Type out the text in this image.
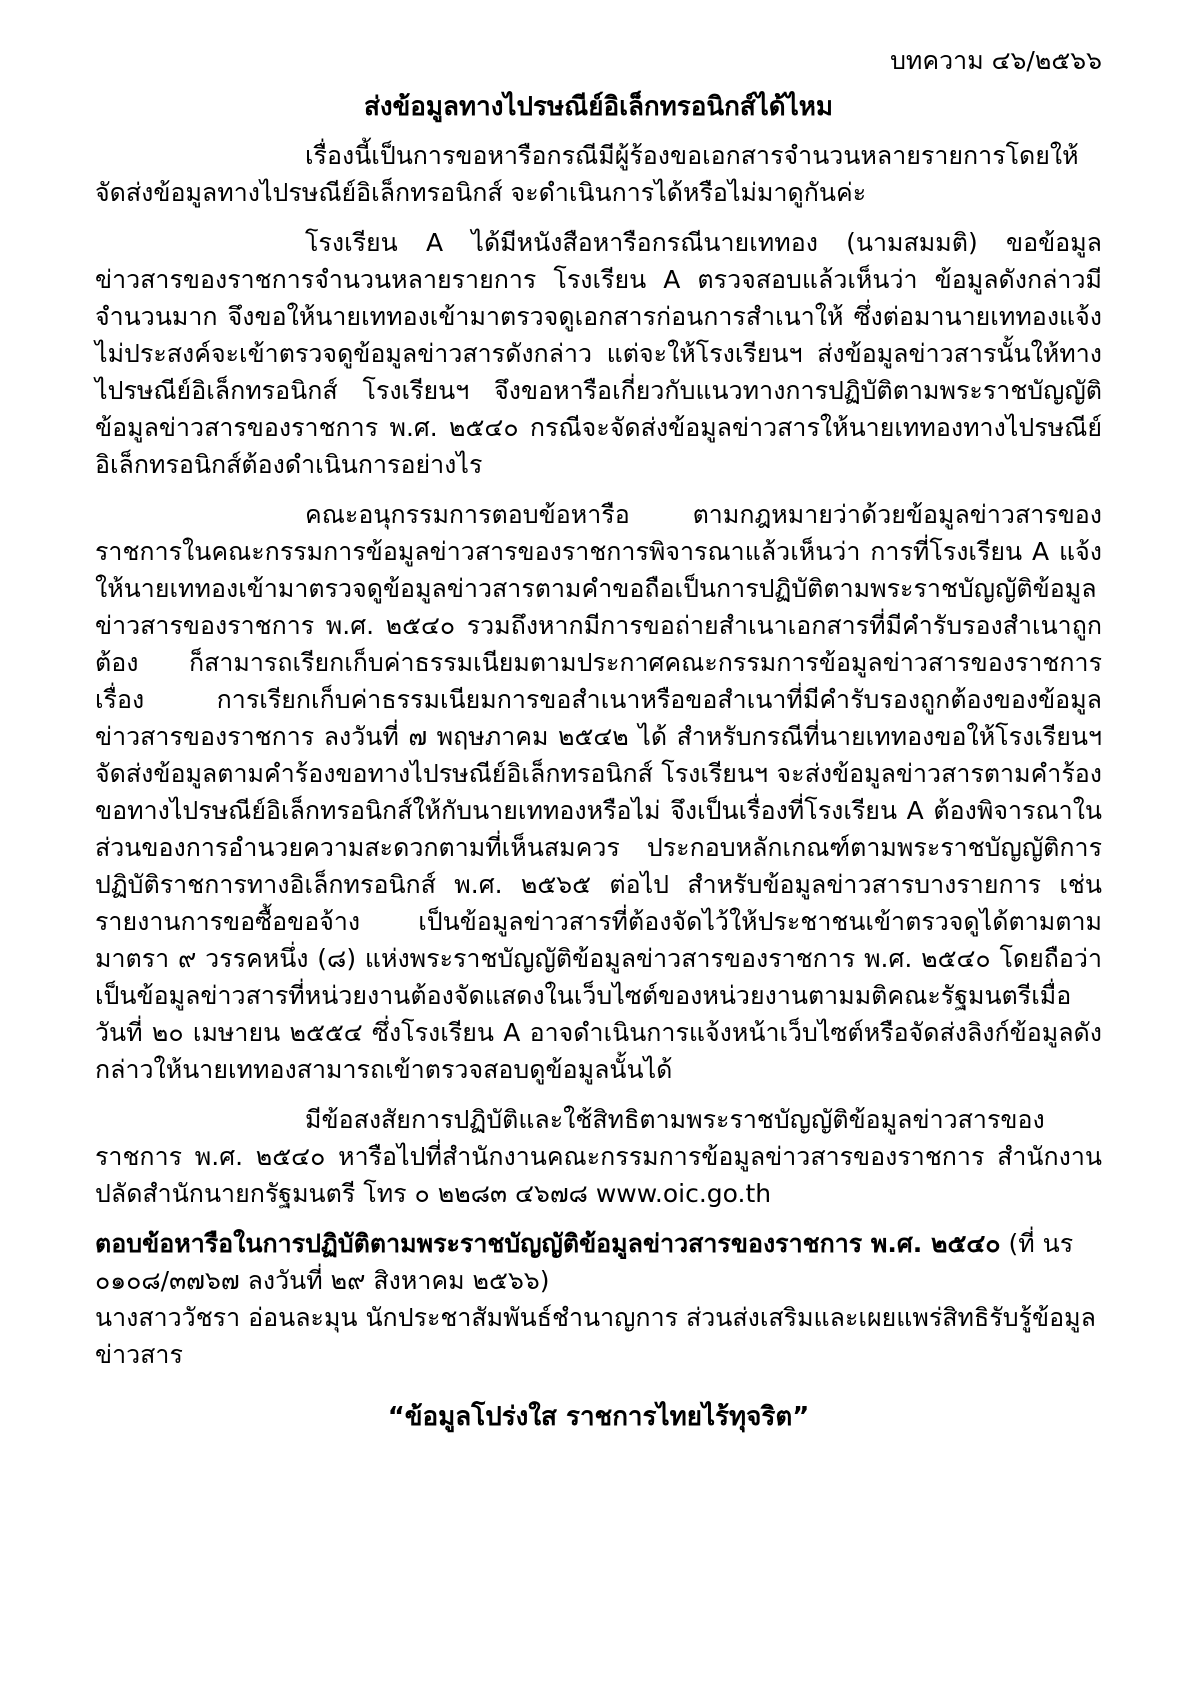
บทความ ๔๖/๒๕๖๖
ส่งข้อมูลทางไปรษณีย์อิเล็กทรอนิกส์ได้ไหม

เรื่องนี้เป็นการขอหารือกรณีมีผู้ร้องขอเอกสารจำนวนหลายรายการโดยให้จัดส่งข้อมูลทางไปรษณีย์อิเล็กทรอนิกส์ จะดำเนินการได้หรือไม่มาดูกันค่ะ

โรงเรียน A ได้มีหนังสือหารือกรณีนายเททอง (นามสมมติ) ขอข้อมูลข่าวสารของราชการจำนวนหลายรายการ โรงเรียน A ตรวจสอบแล้วเห็นว่า ข้อมูลดังกล่าวมีจำนวนมาก จึงขอให้นายเททองเข้ามาตรวจดูเอกสารก่อนการสำเนาให้ ซึ่งต่อมานายเททองแจ้งไม่ประสงค์จะเข้าตรวจดูข้อมูลข่าวสารดังกล่าว แต่จะให้โรงเรียนฯ ส่งข้อมูลข่าวสารนั้นให้ทางไปรษณีย์อิเล็กทรอนิกส์ โรงเรียนฯ จึงขอหารือเกี่ยวกับแนวทางการปฏิบัติตามพระราชบัญญัติข้อมูลข่าวสารของราชการ พ.ศ. ๒๕๔๐ กรณีจะจัดส่งข้อมูลข่าวสารให้นายเททองทางไปรษณีย์อิเล็กทรอนิกส์ต้องดำเนินการอย่างไร

คณะอนุกรรมการตอบข้อหารือ ตามกฎหมายว่าด้วยข้อมูลข่าวสารของราชการในคณะกรรมการข้อมูลข่าวสารของราชการพิจารณาแล้วเห็นว่า การที่โรงเรียน A แจ้งให้นายเททองเข้ามาตรวจดูข้อมูลข่าวสารตามคำขอถือเป็นการปฏิบัติตามพระราชบัญญัติข้อมูลข่าวสารของราชการ พ.ศ. ๒๕๔๐ รวมถึงหากมีการขอถ่ายสำเนาเอกสารที่มีคำรับรองสำเนาถูกต้อง ก็สามารถเรียกเก็บค่าธรรมเนียมตามประกาศคณะกรรมการข้อมูลข่าวสารของราชการ เรื่อง การเรียกเก็บค่าธรรมเนียมการขอสำเนาหรือขอสำเนาที่มีคำรับรองถูกต้องของข้อมูลข่าวสารของราชการ ลงวันที่ ๗ พฤษภาคม ๒๕๔๒ ได้ สำหรับกรณีที่นายเททองขอให้โรงเรียนฯ จัดส่งข้อมูลตามคำร้องขอทางไปรษณีย์อิเล็กทรอนิกส์ โรงเรียนฯ จะส่งข้อมูลข่าวสารตามคำร้องขอทางไปรษณีย์อิเล็กทรอนิกส์ให้กับนายเททองหรือไม่ จึงเป็นเรื่องที่โรงเรียน A ต้องพิจารณาในส่วนของการอำนวยความสะดวกตามที่เห็นสมควร ประกอบหลักเกณฑ์ตามพระราชบัญญัติการปฏิบัติราชการทางอิเล็กทรอนิกส์ พ.ศ. ๒๕๖๕ ต่อไป สำหรับข้อมูลข่าวสารบางรายการ เช่น รายงานการขอซื้อขอจ้าง เป็นข้อมูลข่าวสารที่ต้องจัดไว้ให้ประชาชนเข้าตรวจดูได้ตามตามมาตรา ๙ วรรคหนึ่ง (๘) แห่งพระราชบัญญัติข้อมูลข่าวสารของราชการ พ.ศ. ๒๕๔๐ โดยถือว่าเป็นข้อมูลข่าวสารที่หน่วยงานต้องจัดแสดงในเว็บไซต์ของหน่วยงานตามมติคณะรัฐมนตรีเมื่อวันที่ ๒๐ เมษายน ๒๕๕๔ ซึ่งโรงเรียน A อาจดำเนินการแจ้งหน้าเว็บไซต์หรือจัดส่งลิงก์ข้อมูลดังกล่าวให้นายเททองสามารถเข้าตรวจสอบดูข้อมูลนั้นได้

มีข้อสงสัยการปฏิบัติและใช้สิทธิตามพระราชบัญญัติข้อมูลข่าวสารของราชการ พ.ศ. ๒๕๔๐ หารือไปที่สำนักงานคณะกรรมการข้อมูลข่าวสารของราชการ สำนักงานปลัดสำนักนายกรัฐมนตรี โทร ๐ ๒๒๘๓ ๔๖๗๘ www.oic.go.th

ตอบข้อหารือในการปฏิบัติตามพระราชบัญญัติข้อมูลข่าวสารของราชการ พ.ศ. ๒๕๔๐ (ที่ นร ๐๑๐๘/๓๗๖๗ ลงวันที่ ๒๙ สิงหาคม ๒๕๖๖)

นางสาววัชรา อ่อนละมุน นักประชาสัมพันธ์ชำนาญการ ส่วนส่งเสริมและเผยแพร่สิทธิรับรู้ข้อมูลข่าวสาร

“ข้อมูลโปร่งใส ราชการไทยไร้ทุจริต”
